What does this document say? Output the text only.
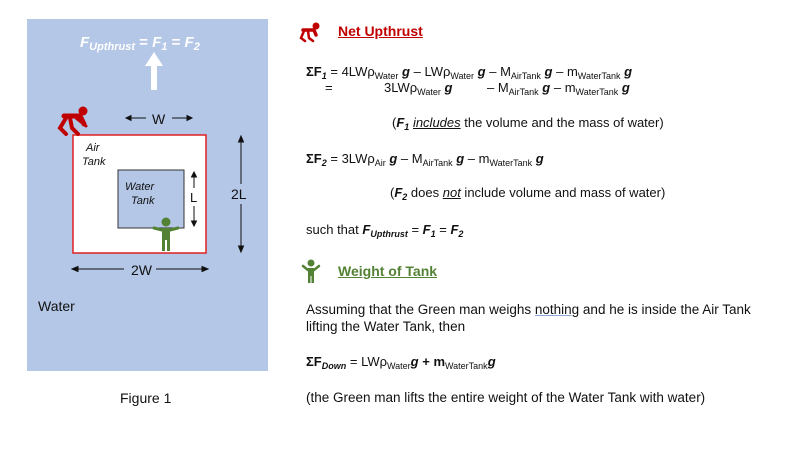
$F_{Upthrust} = F_1 = F_2$
W
Air
Tank
Water
Tank	L 2L
2W
Water
Figure 1
Net Upthrust
$\Sigma F_1 = 4LW\rho_{Water}$ g – LWρ$_{Water}$ g – $M_{AirTank}$ g – $m_{WaterTank}$ g
=	3LWρ$_{Water}$ g	– $M_{AirTank}$ g – $m_{WaterTank}$ g
($F_1$ includes the volume and the mass of water)
$\Sigma F_2 = 3LW\rho_{Air}$ g – $M_{AirTank}$ g – $m_{WaterTank}$ g
($F_2$ does not include volume and mass of water)
such that $F_{Upthrust} = F_1 = F_2$
Weight of Tank
Assuming that the Green man weighs nothing and he is inside the Air Tank
lifting the Water Tank, then
$\Sigma F_{Down} = LW\rho_{Water}g + m_{WaterTank}g$
(the Green man lifts the entire weight of the Water Tank with water)
